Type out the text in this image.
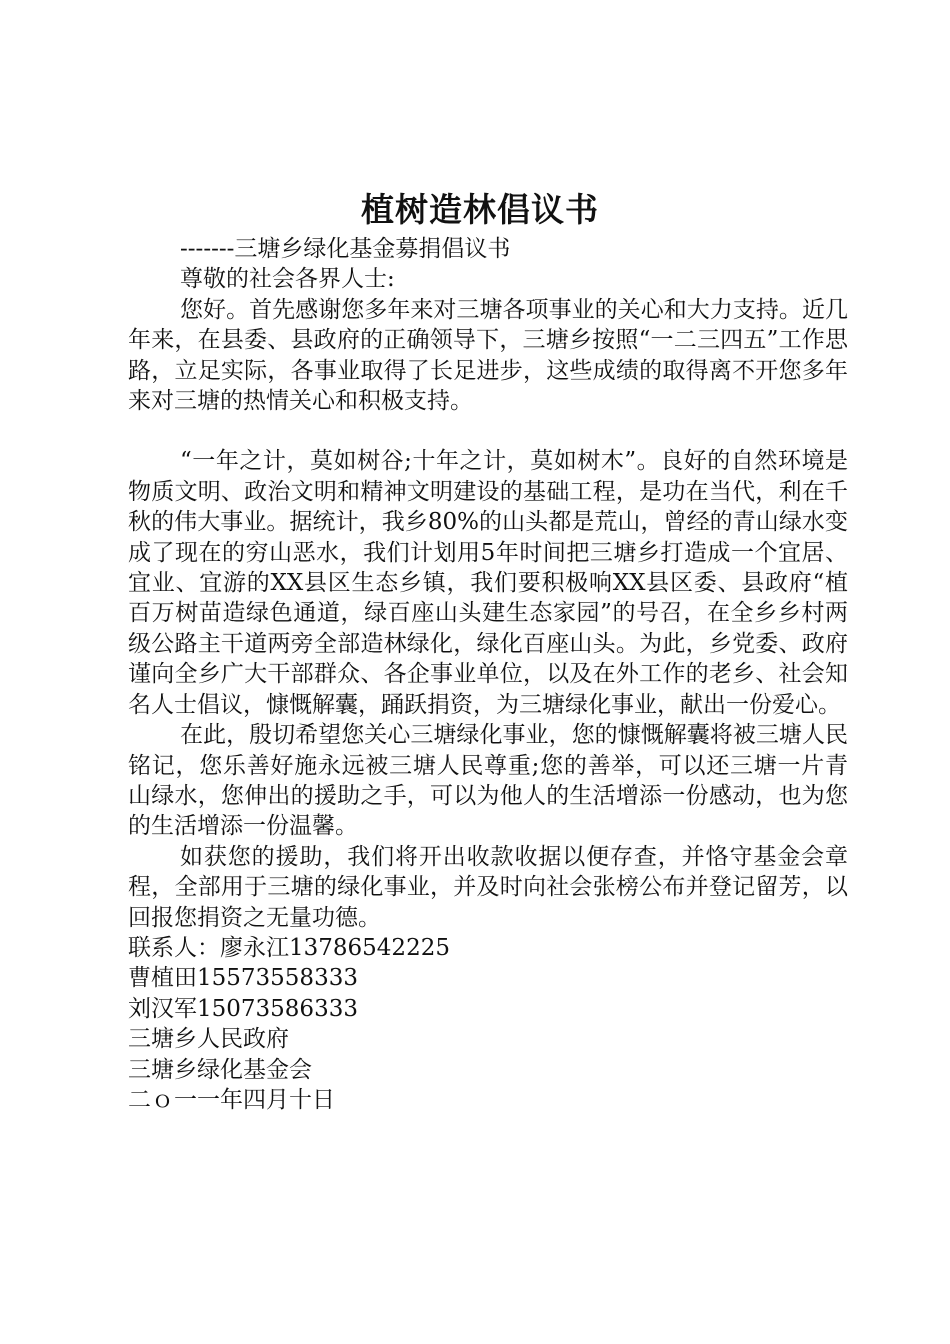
植树造林倡议书

-------三塘乡绿化基金募捐倡议书

尊敬的社会各界人士:

您好。首先感谢您多年来对三塘各项事业的关心和大力支持。近几年来，在县委、县政府的正确领导下，三塘乡按照“一二三四五”工作思路，立足实际，各事业取得了长足进步，这些成绩的取得离不开您多年来对三塘的热情关心和积极支持。

“一年之计，莫如树谷;十年之计，莫如树木”。良好的自然环境是物质文明、政治文明和精神文明建设的基础工程，是功在当代，利在千秋的伟大事业。据统计，我乡80%的山头都是荒山，曾经的青山绿水变成了现在的穷山恶水，我们计划用5年时间把三塘乡打造成一个宜居、宜业、宜游的XX县区生态乡镇，我们要积极响XX县区委、县政府“植百万树苗造绿色通道，绿百座山头建生态家园”的号召，在全乡乡村两级公路主干道两旁全部造林绿化，绿化百座山头。为此，乡党委、政府谨向全乡广大干部群众、各企事业单位，以及在外工作的老乡、社会知名人士倡议，慷慨解囊，踊跃捐资，为三塘绿化事业，献出一份爱心。

在此，殷切希望您关心三塘绿化事业，您的慷慨解囊将被三塘人民铭记，您乐善好施永远被三塘人民尊重;您的善举，可以还三塘一片青山绿水，您伸出的援助之手，可以为他人的生活增添一份感动，也为您的生活增添一份温馨。

如获您的援助，我们将开出收款收据以便存查，并恪守基金会章程，全部用于三塘的绿化事业，并及时向社会张榜公布并登记留芳，以回报您捐资之无量功德。

联系人：廖永江13786542225

曹植田15573558333

刘汉军15073586333

三塘乡人民政府

三塘乡绿化基金会

二ｏ一一年四月十日
